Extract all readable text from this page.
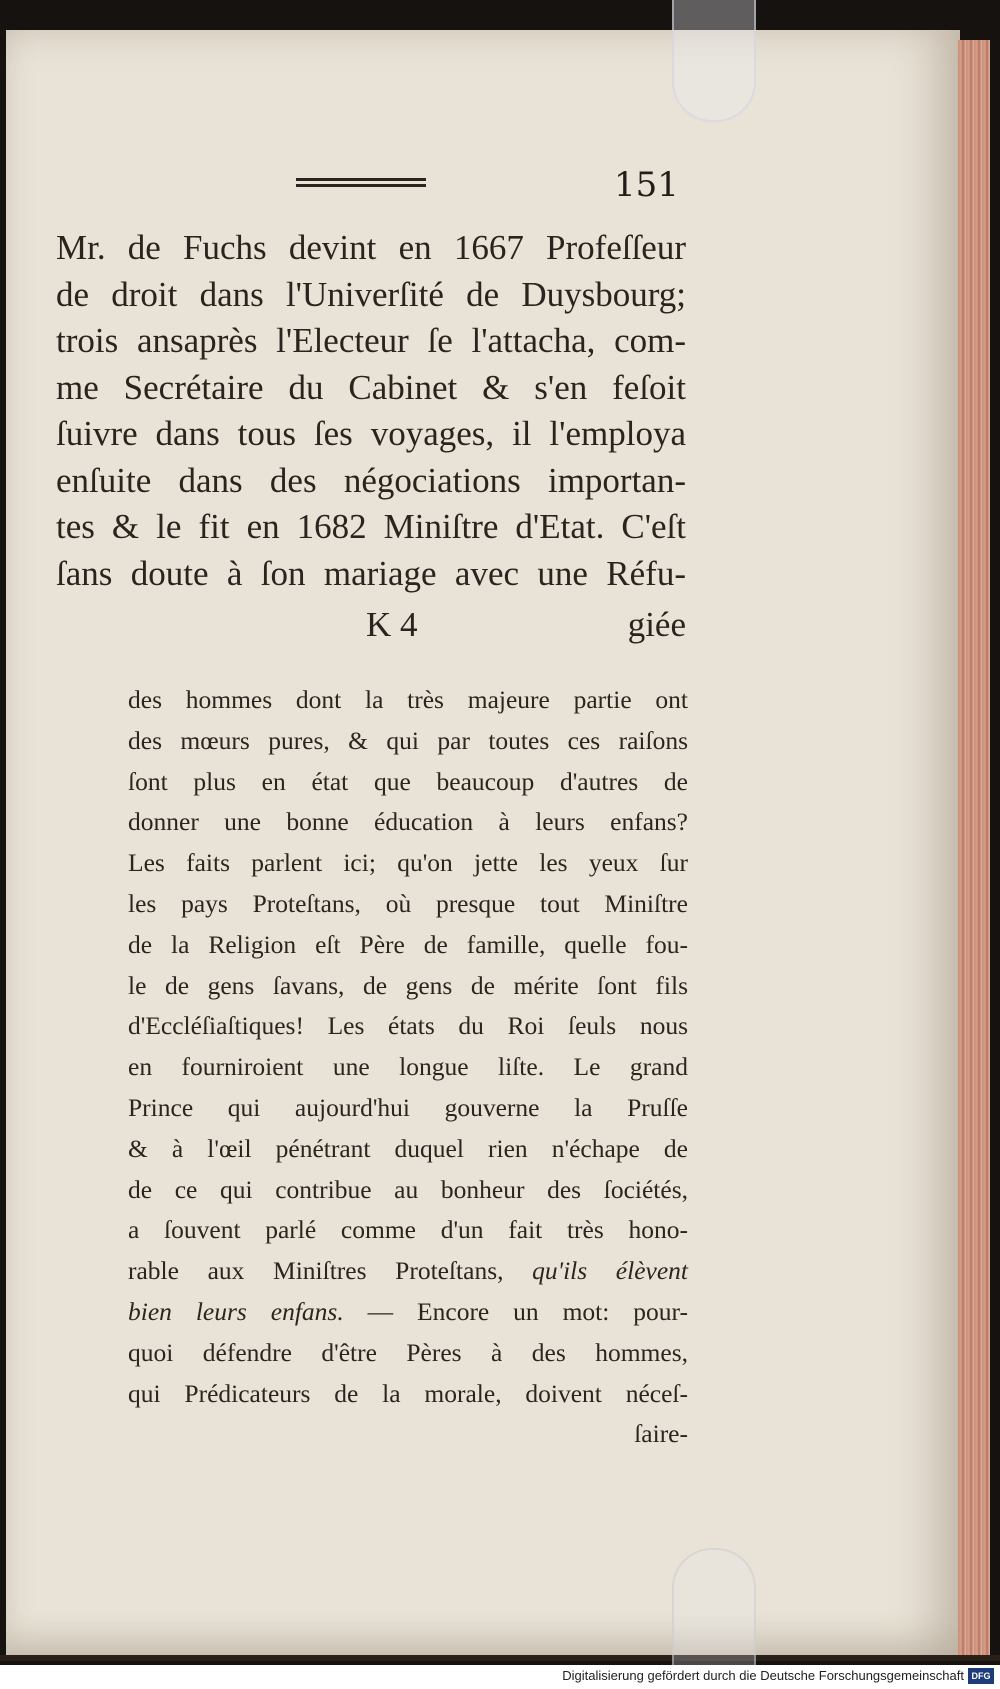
151
Mr. de Fuchs devint en 1667 Profeſſeur
de droit dans l'Univerſité de Duysbourg;
trois ansaprès l'Electeur ſe l'attacha, com-
me Secrétaire du Cabinet & s'en feſoit
ſuivre dans tous ſes voyages, il l'employa
enſuite dans des négociations importan-
tes & le fit en 1682 Miniſtre d'Etat. C'eſt
ſans doute à ſon mariage avec une Réfu-
K 4	giée
des hommes dont la très majeure partie ont
des mœurs pures, & qui par toutes ces raiſons
ſont plus en état que beaucoup d'autres de
donner une bonne éducation à leurs enfans?
Les faits parlent ici; qu'on jette les yeux ſur
les pays Proteſtans, où presque tout Miniſtre
de la Religion eſt Père de famille, quelle fou-
le de gens ſavans, de gens de mérite ſont fils
d'Eccléſiaſtiques! Les états du Roi ſeuls nous
en fourniroient une longue liſte. Le grand
Prince qui aujourd'hui gouverne la Pruſſe
& à l'œil pénétrant duquel rien n'échape de
de ce qui contribue au bonheur des ſociétés,
a ſouvent parlé comme d'un fait très hono-
rable aux Miniſtres Proteſtans, qu'ils élèvent
bien leurs enfans. — Encore un mot: pour-
quoi défendre d'être Pères à des hommes,
qui Prédicateurs de la morale, doivent néceſ-
ſaire-
Digitalisierung gefördert durch die Deutsche Forschungsgemeinschaft DFG
